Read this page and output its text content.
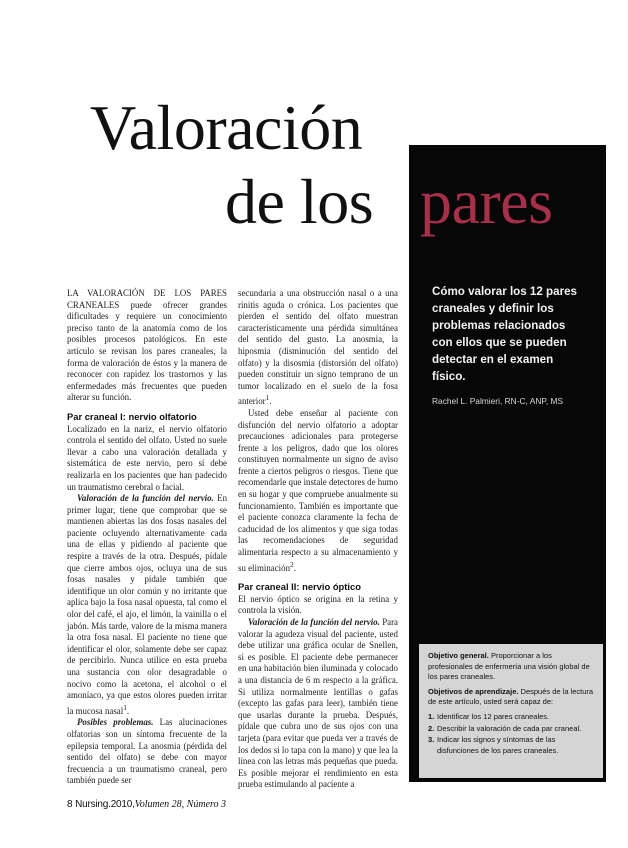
Valoración
de los pares

LA VALORACIÓN DE LOS PARES CRANEALES puede ofrecer grandes dificultades y requiere un conocimiento preciso tanto de la anatomía como de los posibles procesos patológicos. En este artículo se revisan los pares craneales, la forma de valoración de éstos y la manera de reconocer con rapidez los trastornos y las enfermedades más frecuentes que pueden alterar su función.

Par craneal I: nervio olfatorio

Localizado en la nariz, el nervio olfatorio controla el sentido del olfato. Usted no suele llevar a cabo una valoración detallada y sistemática de este nervio, pero sí debe realizarla en los pacientes que han padecido un traumatismo cerebral o facial.

Valoración de la función del nervio. En primer lugar, tiene que comprobar que se mantienen abiertas las dos fosas nasales del paciente ocluyendo alternativamente cada una de ellas y pidiendo al paciente que respire a través de la otra. Después, pídale que cierre ambos ojos, ocluya una de sus fosas nasales y pídale también que identifique un olor común y no irritante que aplica bajo la fosa nasal opuesta, tal como el olor del café, el ajo, el limón, la vainilla o el jabón. Más tarde, valore de la misma manera la otra fosa nasal. El paciente no tiene que identificar el olor, solamente debe ser capaz de percibirlo. Nunca utilice en esta prueba una sustancia con olor desagradable o nocivo como la acetona, el alcohol o el amoníaco, ya que estos olores pueden irritar la mucosa nasal$^1$.

Posibles problemas. Las alucinaciones olfatorias son un síntoma frecuente de la epilepsia temporal. La anosmia (pérdida del sentido del olfato) se debe con mayor frecuencia a un traumatismo craneal, pero también puede ser

secundaria a una obstrucción nasal o a una rinitis aguda o crónica. Los pacientes que pierden el sentido del olfato muestran característicamente una pérdida simultánea del sentido del gusto. La anosmia, la hiposmia (disminución del sentido del olfato) y la disosmia (distorsión del olfato) pueden constituir un signo temprano de un tumor localizado en el suelo de la fosa anterior$^1$.

Usted debe enseñar al paciente con disfunción del nervio olfatorio a adoptar precauciones adicionales para protegerse frente a los peligros, dado que los olores constituyen normalmente un signo de aviso frente a ciertos peligros o riesgos. Tiene que recomendarle que instale detectores de humo en su hogar y que compruebe anualmente su funcionamiento. También es importante que el paciente conozca claramente la fecha de caducidad de los alimentos y que siga todas las recomendaciones de seguridad alimentaria respecto a su almacenamiento y su eliminación$^2$.

Par craneal II: nervio óptico

El nervio óptico se origina en la retina y controla la visión.

Valoración de la función del nervio. Para valorar la agudeza visual del paciente, usted debe utilizar una gráfica ocular de Snellen, si es posible. El paciente debe permanecer en una habitación bien iluminada y colocado a una distancia de 6 m respecto a la gráfica. Si utiliza normalmente lentillas o gafas (excepto las gafas para leer), también tiene que usarlas durante la prueba. Después, pídale que cubra uno de sus ojos con una tarjeta (para evitar que pueda ver a través de los dedos si lo tapa con la mano) y que lea la línea con las letras más pequeñas que pueda. Es posible mejorar el rendimiento en esta prueba estimulando al paciente a

Cómo valorar los 12 pares craneales y definir los problemas relacionados con ellos que se pueden detectar en el examen físico.

Rachel L. Palmieri, RN-C, ANP, MS

Objetivo general. Proporcionar a los profesionales de enfermería una visión global de los pares craneales.

Objetivos de aprendizaje. Después de la lectura de este artículo, usted será capaz de:

1. Identificar los 12 pares craneales.
2. Describir la valoración de cada par craneal.
3. Indicar los signos y síntomas de las disfunciones de los pares craneales.
8 Nursing.2010,Volumen 28, Número 3
